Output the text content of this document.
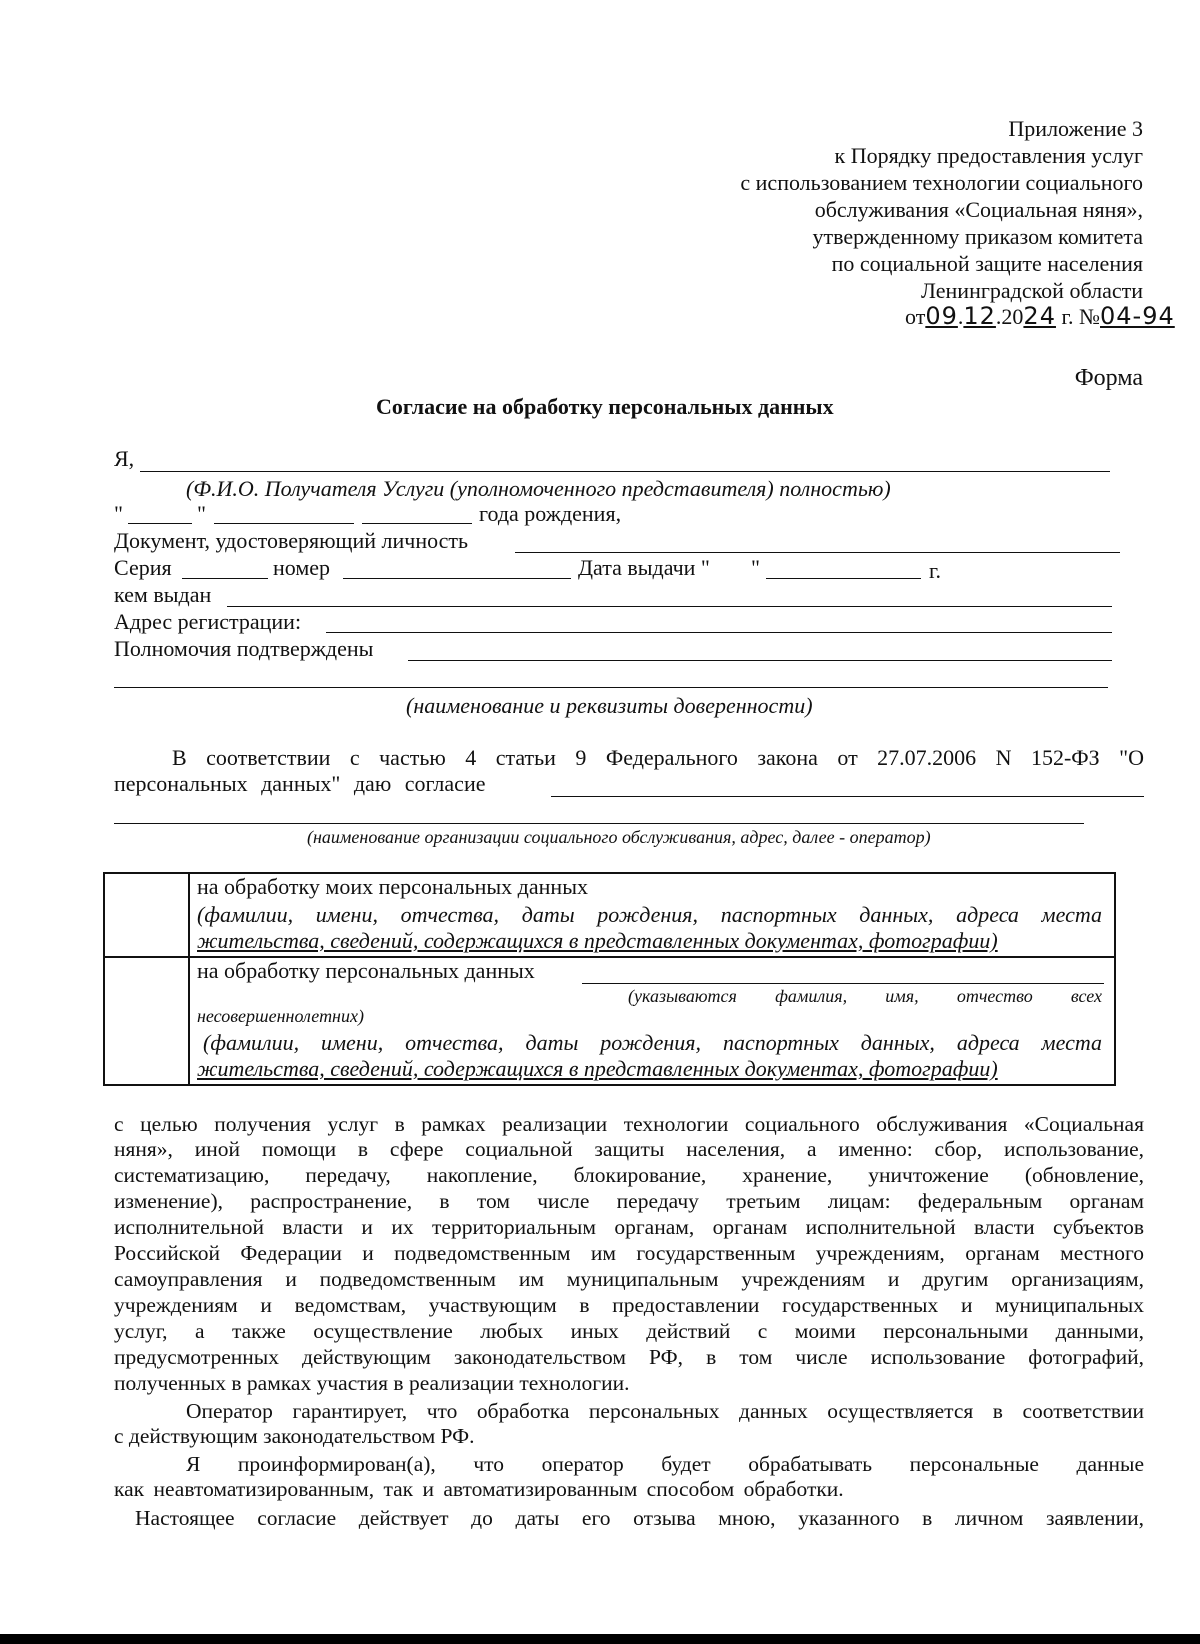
Приложение 3
к Порядку предоставления услуг
с использованием технологии социального
обслуживания «Социальная няня»,
утвержденному приказом комитета
по социальной защите населения
Ленинградской области
от09.12.2024 г. №04-94
Форма
Согласие на обработку персональных данных
Я,
(Ф.И.О. Получателя Услуги (уполномоченного представителя) полностью)
"	"	года рождения,
Документ, удостоверяющий личность
Серия	номер	Дата выдачи " "	г.
кем выдан
Адрес регистрации:
Полномочия подтверждены
(наименование и реквизиты доверенности)
В соответствии с частью 4 статьи 9 Федерального закона от 27.07.2006 N 152-ФЗ "О
персональных данных" даю согласие
(наименование организации социального обслуживания, адрес, далее - оператор)
на обработку моих персональных данных
(фамилии, имени, отчества, даты рождения, паспортных данных, адреса места
жительства, сведений, содержащихся в представленных документах, фотографии)
на обработку персональных данных
(указываются фамилия, имя, отчество всех
несовершеннолетних)
(фамилии, имени, отчества, даты рождения, паспортных данных, адреса места
жительства, сведений, содержащихся в представленных документах, фотографии)
с целью получения услуг в рамках реализации технологии социального обслуживания «Социальная
няня», иной помощи в сфере социальной защиты населения, а именно: сбор, использование,
систематизацию, передачу, накопление, блокирование, хранение, уничтожение (обновление,
изменение), распространение, в том числе передачу третьим лицам: федеральным органам
исполнительной власти и их территориальным органам, органам исполнительной власти субъектов
Российской Федерации и подведомственным им государственным учреждениям, органам местного
самоуправления и подведомственным им муниципальным учреждениям и другим организациям,
учреждениям и ведомствам, участвующим в предоставлении государственных и муниципальных
услуг, а также осуществление любых иных действий с моими персональными данными,
предусмотренных действующим законодательством РФ, в том числе использование фотографий,
полученных в рамках участия в реализации технологии.
Оператор гарантирует, что обработка персональных данных осуществляется в соответствии
с действующим законодательством РФ.
Я проинформирован(а), что оператор будет обрабатывать персональные данные
как неавтоматизированным, так и автоматизированным способом обработки.
Настоящее согласие действует до даты его отзыва мною, указанного в личном заявлении,
